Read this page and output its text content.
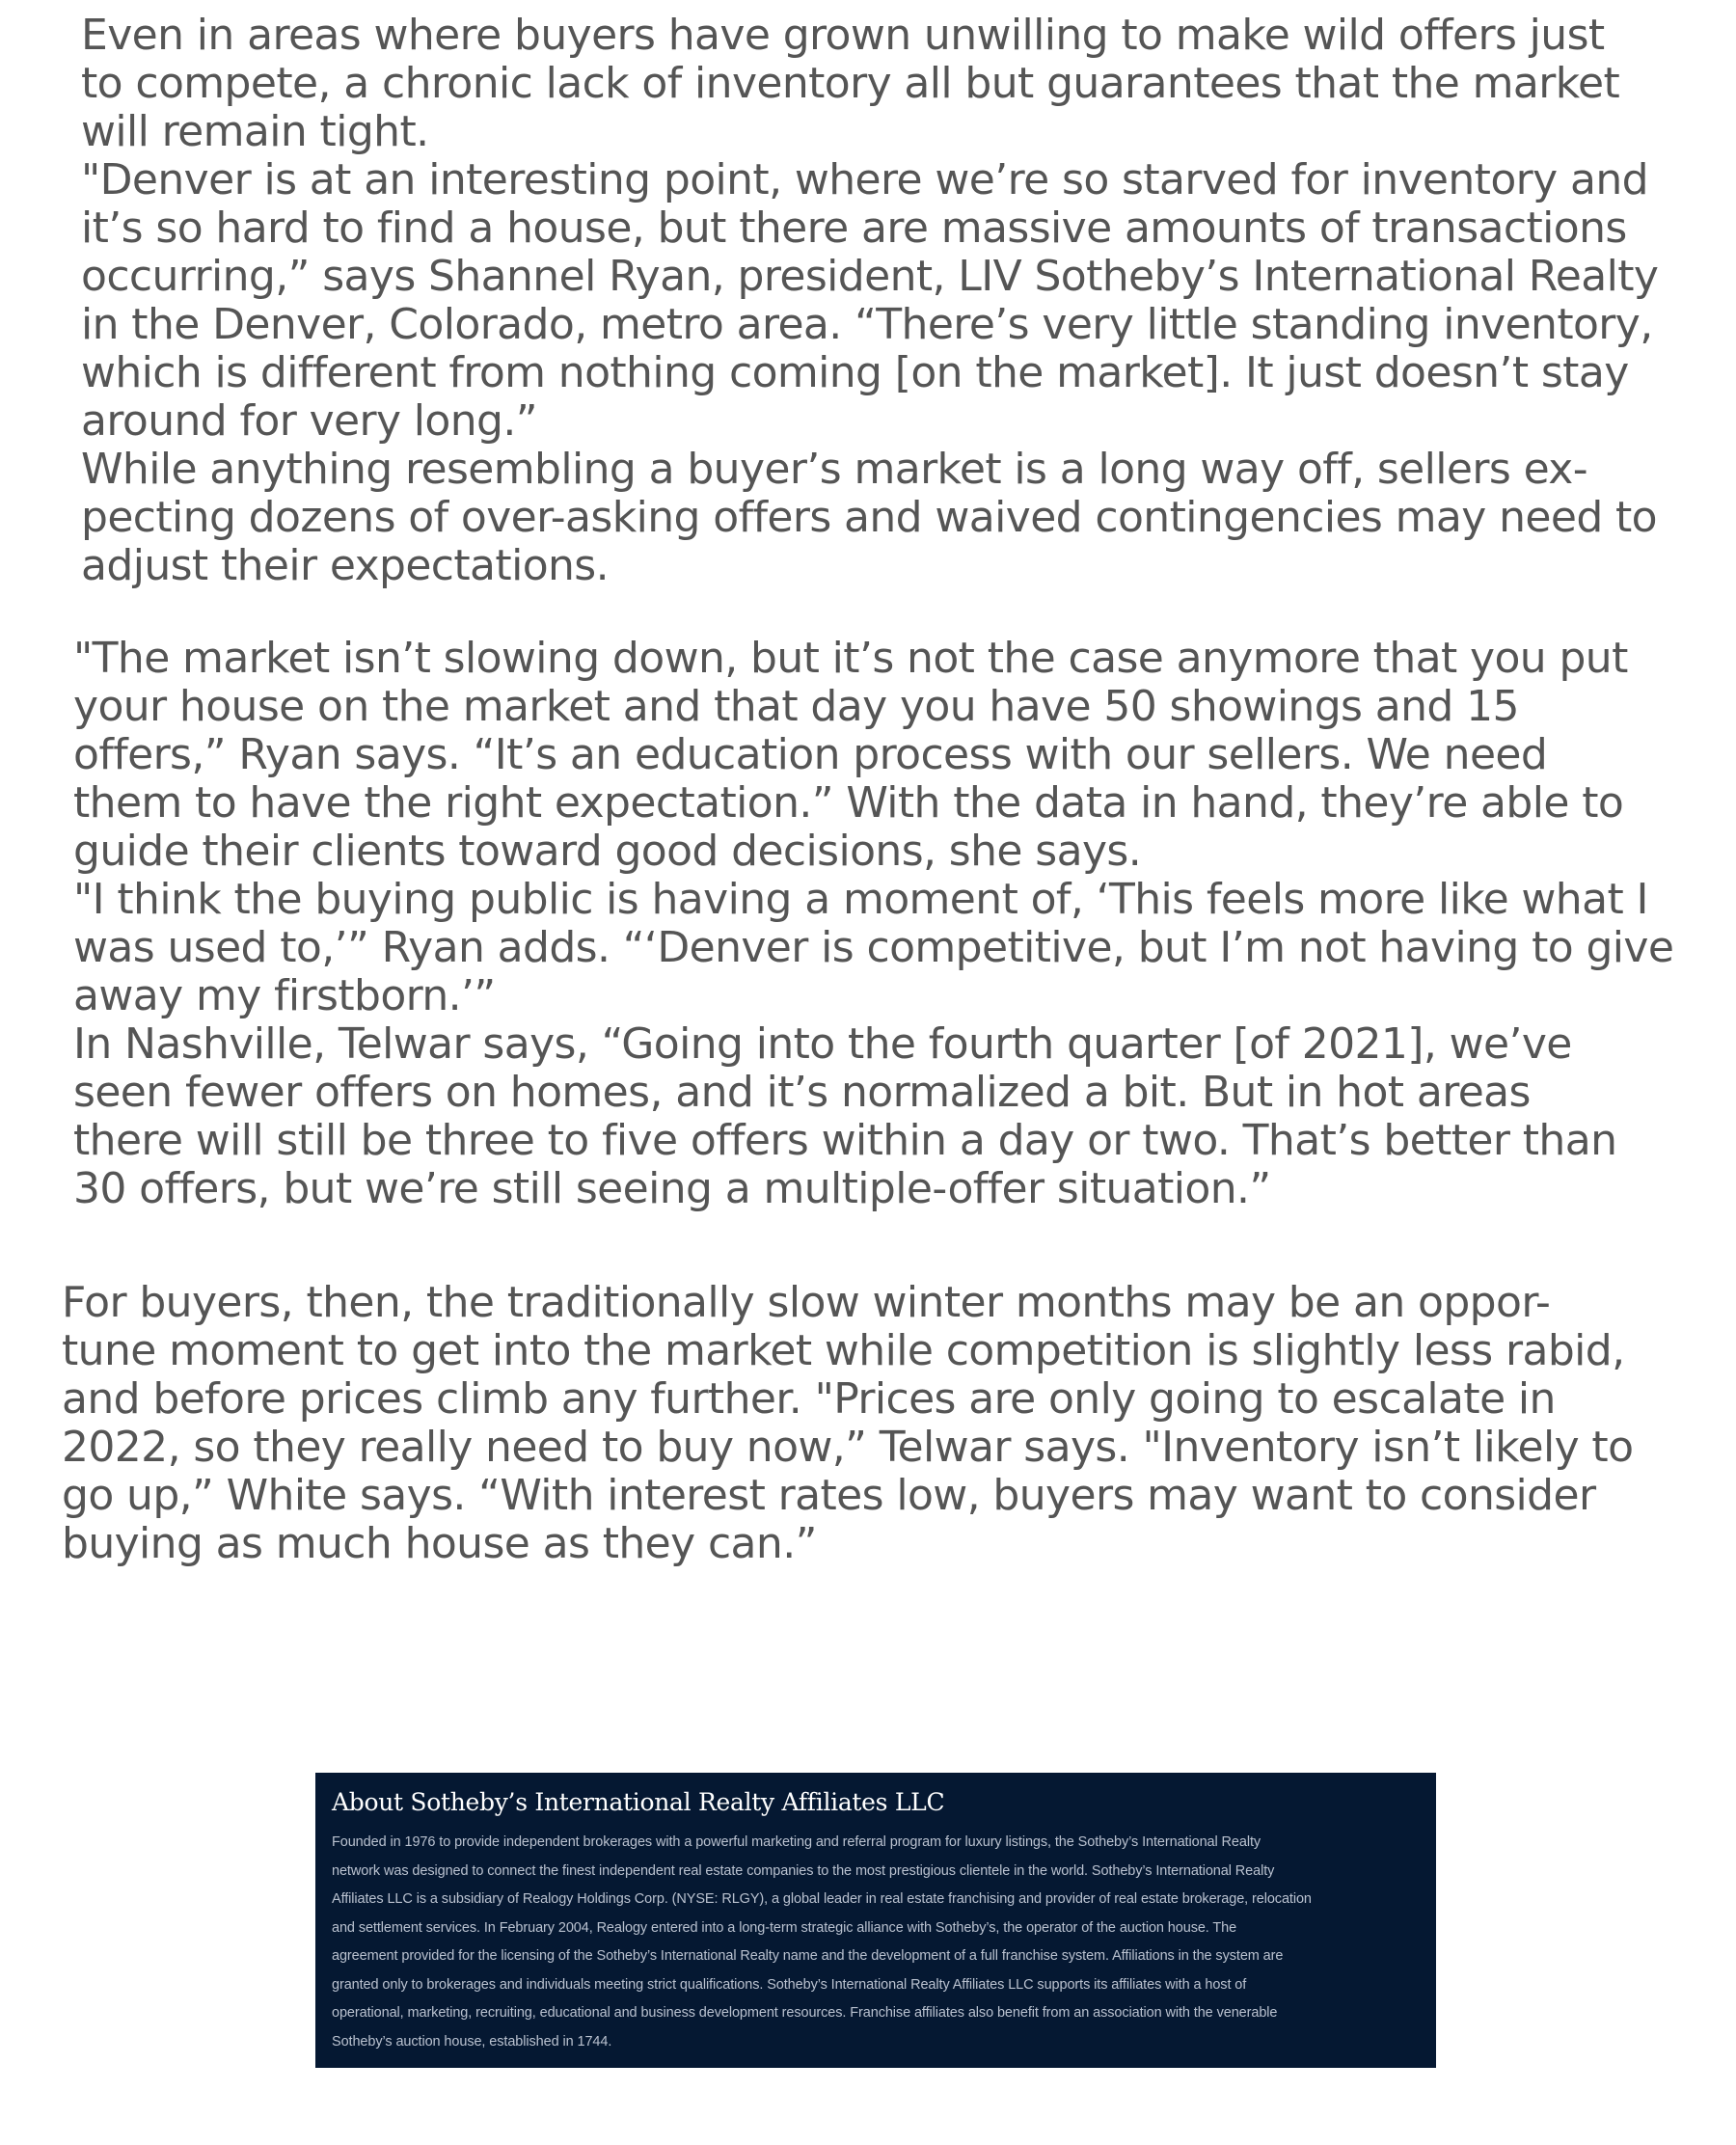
Even in areas where buyers have grown unwilling to make wild offers just
to compete, a chronic lack of inventory all but guarantees that the market
will remain tight.
"Denver is at an interesting point, where we’re so starved for inventory and
it’s so hard to find a house, but there are massive amounts of transactions
occurring,” says Shannel Ryan, president, LIV Sotheby’s International Realty
in the Denver, Colorado, metro area. “There’s very little standing inventory,
which is different from nothing coming [on the market]. It just doesn’t stay
around for very long.”
While anything resembling a buyer’s market is a long way off, sellers ex-
pecting dozens of over-asking offers and waived contingencies may need to
adjust their expectations.
"The market isn’t slowing down, but it’s not the case anymore that you put
your house on the market and that day you have 50 showings and 15
offers,” Ryan says. “It’s an education process with our sellers. We need
them to have the right expectation.” With the data in hand, they’re able to
guide their clients toward good decisions, she says.
"I think the buying public is having a moment of, ‘This feels more like what I
was used to,’” Ryan adds. “‘Denver is competitive, but I’m not having to give
away my firstborn.’”
In Nashville, Telwar says, “Going into the fourth quarter [of 2021], we’ve
seen fewer offers on homes, and it’s normalized a bit. But in hot areas
there will still be three to five offers within a day or two. That’s better than
30 offers, but we’re still seeing a multiple-offer situation.”
For buyers, then, the traditionally slow winter months may be an oppor-
tune moment to get into the market while competition is slightly less rabid,
and before prices climb any further. "Prices are only going to escalate in
2022, so they really need to buy now,” Telwar says. "Inventory isn’t likely to
go up,” White says. “With interest rates low, buyers may want to consider
buying as much house as they can.”
About Sotheby’s International Realty Affiliates LLC
Founded in 1976 to provide independent brokerages with a powerful marketing and referral program for luxury listings, the Sotheby’s International Realty
network was designed to connect the finest independent real estate companies to the most prestigious clientele in the world. Sotheby’s International Realty
Affiliates LLC is a subsidiary of Realogy Holdings Corp. (NYSE: RLGY), a global leader in real estate franchising and provider of real estate brokerage, relocation
and settlement services. In February 2004, Realogy entered into a long-term strategic alliance with Sotheby’s, the operator of the auction house. The
agreement provided for the licensing of the Sotheby’s International Realty name and the development of a full franchise system. Affiliations in the system are
granted only to brokerages and individuals meeting strict qualifications. Sotheby’s International Realty Affiliates LLC supports its affiliates with a host of
operational, marketing, recruiting, educational and business development resources. Franchise affiliates also benefit from an association with the venerable
Sotheby’s auction house, established in 1744.
